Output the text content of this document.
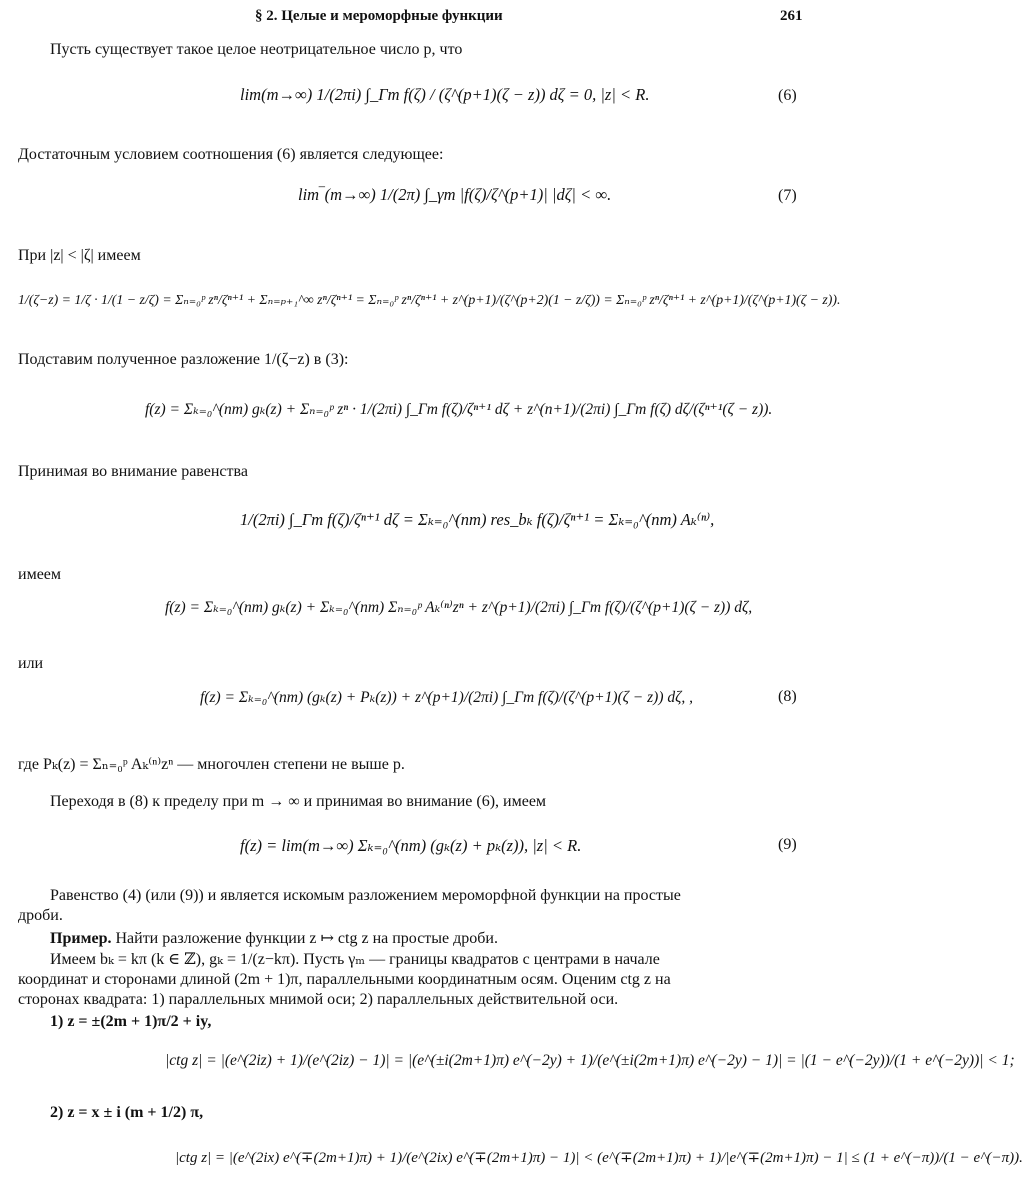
§ 2. Целые и мероморфные функции	261
Пусть существует такое целое неотрицательное число p, что
lim(m→∞) 1/(2πi) ∫_Γm f(ζ) / (ζ^(p+1)(ζ − z)) dζ = 0, |z| < R.	(6)
Достаточным условием соотношения (6) является следующее:
lim‾(m→∞) 1/(2π) ∫_γm |f(ζ)/ζ^(p+1)| |dζ| < ∞.	(7)
При |z| < |ζ| имеем
1/(ζ−z) = 1/ζ · 1/(1 − z/ζ) = Σₙ₌₀ᵖ zⁿ/ζⁿ⁺¹ + Σₙ₌ₚ₊₁^∞ zⁿ/ζⁿ⁺¹ = Σₙ₌₀ᵖ zⁿ/ζⁿ⁺¹ + z^(p+1)/(ζ^(p+2)(1 − z/ζ)) = Σₙ₌₀ᵖ zⁿ/ζⁿ⁺¹ + z^(p+1)/(ζ^(p+1)(ζ − z)).
Подставим полученное разложение 1/(ζ−z) в (3):
f(z) = Σₖ₌₀^(nm) gₖ(z) + Σₙ₌₀ᵖ zⁿ · 1/(2πi) ∫_Γm f(ζ)/ζⁿ⁺¹ dζ + z^(n+1)/(2πi) ∫_Γm f(ζ) dζ/(ζⁿ⁺¹(ζ − z)).
Принимая во внимание равенства
1/(2πi) ∫_Γm f(ζ)/ζⁿ⁺¹ dζ = Σₖ₌₀^(nm) res_bₖ f(ζ)/ζⁿ⁺¹ = Σₖ₌₀^(nm) Aₖ⁽ⁿ⁾,
имеем
f(z) = Σₖ₌₀^(nm) gₖ(z) + Σₖ₌₀^(nm) Σₙ₌₀ᵖ Aₖ⁽ⁿ⁾zⁿ + z^(p+1)/(2πi) ∫_Γm f(ζ)/(ζ^(p+1)(ζ − z)) dζ,
или
f(z) = Σₖ₌₀^(nm) (gₖ(z) + Pₖ(z)) + z^(p+1)/(2πi) ∫_Γm f(ζ)/(ζ^(p+1)(ζ − z)) dζ, ,	(8)
где Pₖ(z) = Σₙ₌₀ᵖ Aₖ⁽ⁿ⁾zⁿ — многочлен степени не выше p.
Переходя в (8) к пределу при m → ∞ и принимая во внимание (6), имеем
f(z) = lim(m→∞) Σₖ₌₀^(nm) (gₖ(z) + pₖ(z)), |z| < R.	(9)
Равенство (4) (или (9)) и является искомым разложением мероморфной функции на простые
дроби.
Пример. Найти разложение функции z ↦ ctg z на простые дроби.
Имеем bₖ = kπ (k ∈ ℤ), gₖ = 1/(z−kπ). Пусть γₘ — границы квадратов с центрами в начале
координат и сторонами длиной (2m + 1)π, параллельными координатным осям. Оценим ctg z на
сторонах квадрата: 1) параллельных мнимой оси; 2) параллельных действительной оси.
1) z = ±(2m + 1)π/2 + iy,
|ctg z| = |(e^(2iz) + 1)/(e^(2iz) − 1)| = |(e^(±i(2m+1)π) e^(−2y) + 1)/(e^(±i(2m+1)π) e^(−2y) − 1)| = |(1 − e^(−2y))/(1 + e^(−2y))| < 1;
2) z = x ± i (m + 1/2) π,
|ctg z| = |(e^(2ix) e^(∓(2m+1)π) + 1)/(e^(2ix) e^(∓(2m+1)π) − 1)| < (e^(∓(2m+1)π) + 1)/|e^(∓(2m+1)π) − 1| ≤ (1 + e^(−π))/(1 − e^(−π)).
